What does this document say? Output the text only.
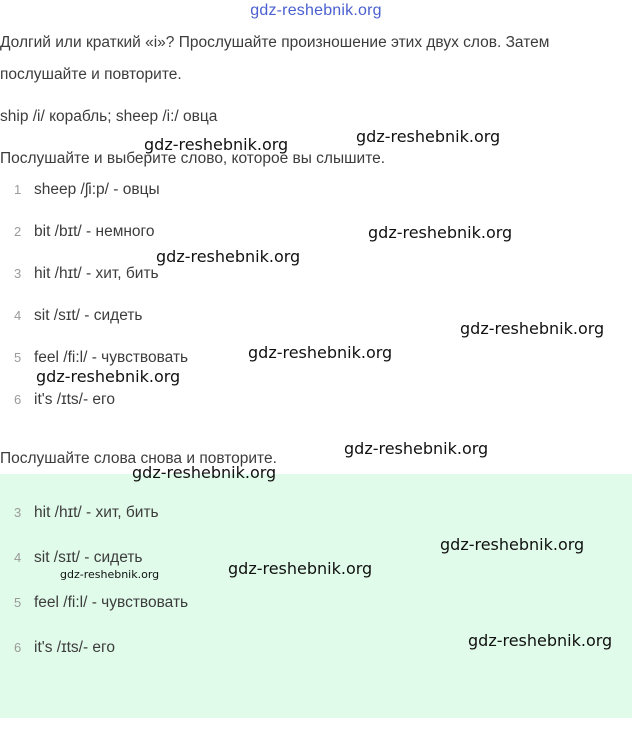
gdz-reshebnik.org
Долгий или краткий «i»? Прослушайте произношение этих двух слов. Затем
послушайте и повторите.
ship /i/ корабль; sheep /i:/ овца
Послушайте и выберите слово, которое вы слышите.
1 sheep /ʃi:p/ - овцы
2 bit /bɪt/ - немного
3 hit /hɪt/ - хит, бить
4 sit /sɪt/ - сидеть
5 feel /fi:l/ - чувствовать
6 it's /ɪts/- его
Послушайте слова снова и повторите.
3 hit /hɪt/ - хит, бить
4 sit /sɪt/ - сидеть
5 feel /fi:l/ - чувствовать
6 it's /ɪts/- его
gdz-reshebnik.org	gdz-reshebnik.org
gdz-reshebnik.org
gdz-reshebnik.org
gdz-reshebnik.org
gdz-reshebnik.org
gdz-reshebnik.org
gdz-reshebnik.org
gdz-reshebnik.org
gdz-reshebnik.org
gdz-reshebnik.org
gdz-reshebnik.org
gdz-reshebnik.org
